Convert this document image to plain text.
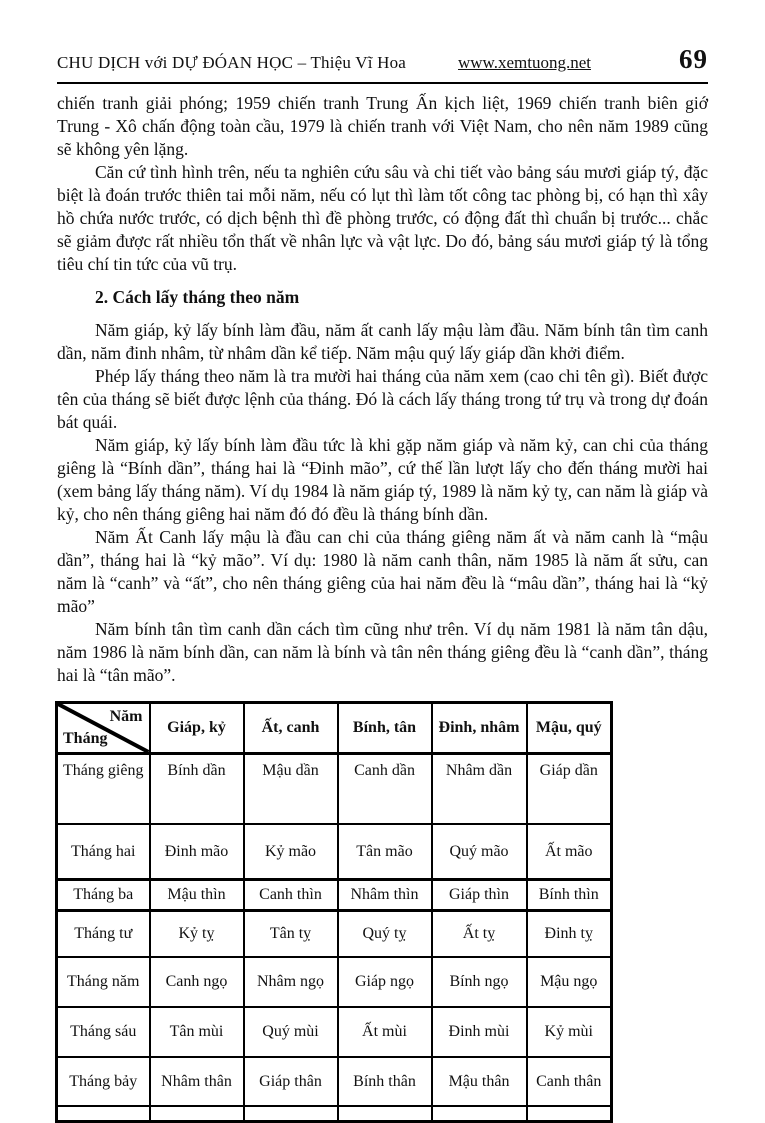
CHU DỊCH với DỰ ĐÓAN HỌC – Thiệu Vĩ Hoa	www.xemtuong.net	69

chiến tranh giải phóng; 1959 chiến tranh Trung Ấn kịch liệt, 1969 chiến tranh biên giớ Trung - Xô chấn động toàn cầu, 1979 là chiến tranh với Việt Nam, cho nên năm 1989 cũng sẽ không yên lặng.

Căn cứ tình hình trên, nếu ta nghiên cứu sâu và chi tiết vào bảng sáu mươi giáp tý, đặc biệt là đoán trước thiên tai mỗi năm, nếu có lụt thì làm tốt công tac phòng bị, có hạn thì xây hồ chứa nước trước, có dịch bệnh thì đề phòng trước, có động đất thì chuẩn bị trước... chắc sẽ giảm được rất nhiều tổn thất về nhân lực và vật lực. Do đó, bảng sáu mươi giáp tý là tổng tiêu chí tin tức của vũ trụ.

2. Cách lấy tháng theo năm

Năm giáp, kỷ lấy bính làm đầu, năm ất canh lấy mậu làm đầu. Năm bính tân tìm canh dần, năm đinh nhâm, từ nhâm dần kể tiếp. Năm mậu quý lấy giáp dần khởi điểm.

Phép lấy tháng theo năm là tra mười hai tháng của năm xem (cao chi tên gì). Biết được tên của tháng sẽ biết được lệnh của tháng. Đó là cách lấy tháng trong tứ trụ và trong dự đoán bát quái.

Năm giáp, kỷ lấy bính làm đầu tức là khi gặp năm giáp và năm kỷ, can chi của tháng giêng là “Bính dần”, tháng hai là “Đinh mão”, cứ thế lần lượt lấy cho đến tháng mười hai (xem bảng lấy tháng năm). Ví dụ 1984 là năm giáp tý, 1989 là năm kỷ tỵ, can năm là giáp và kỷ, cho nên tháng giêng hai năm đó đó đều là tháng bính dần.

Năm Ất Canh lấy mậu là đầu can chi của tháng giêng năm ất và năm canh là “mậu dần”, tháng hai là “kỷ mão”. Ví dụ: 1980 là năm canh thân, năm 1985 là năm ất sửu, can năm là “canh” và “ất”, cho nên tháng giêng của hai năm đều là “mâu dần”, tháng hai là “kỷ mão”

Năm bính tân tìm canh dần cách tìm cũng như trên. Ví dụ năm 1981 là năm tân dậu, năm 1986 là năm bính dần, can năm là bính và tân nên tháng giêng đều là “canh dần”, tháng hai là “tân mão”.

Năm
Tháng	Giáp, kỷ	Ất, canh	Bính, tân	Đinh, nhâm	Mậu, quý
Tháng giêng	Bính dần	Mậu dần	Canh dần	Nhâm dần	Giáp dần
Tháng hai	Đinh mão	Kỷ mão	Tân mão	Quý mão	Ất mão
Tháng ba	Mậu thìn	Canh thìn	Nhâm thìn	Giáp thìn	Bính thìn
Tháng tư	Kỷ tỵ	Tân tỵ	Quý tỵ	Ất tỵ	Đinh tỵ
Tháng năm	Canh ngọ	Nhâm ngọ	Giáp ngọ	Bính ngọ	Mậu ngọ
Tháng sáu	Tân mùi	Quý mùi	Ất mùi	Đinh mùi	Kỷ mùi
Tháng bảy	Nhâm thân	Giáp thân	Bính thân	Mậu thân	Canh thân
